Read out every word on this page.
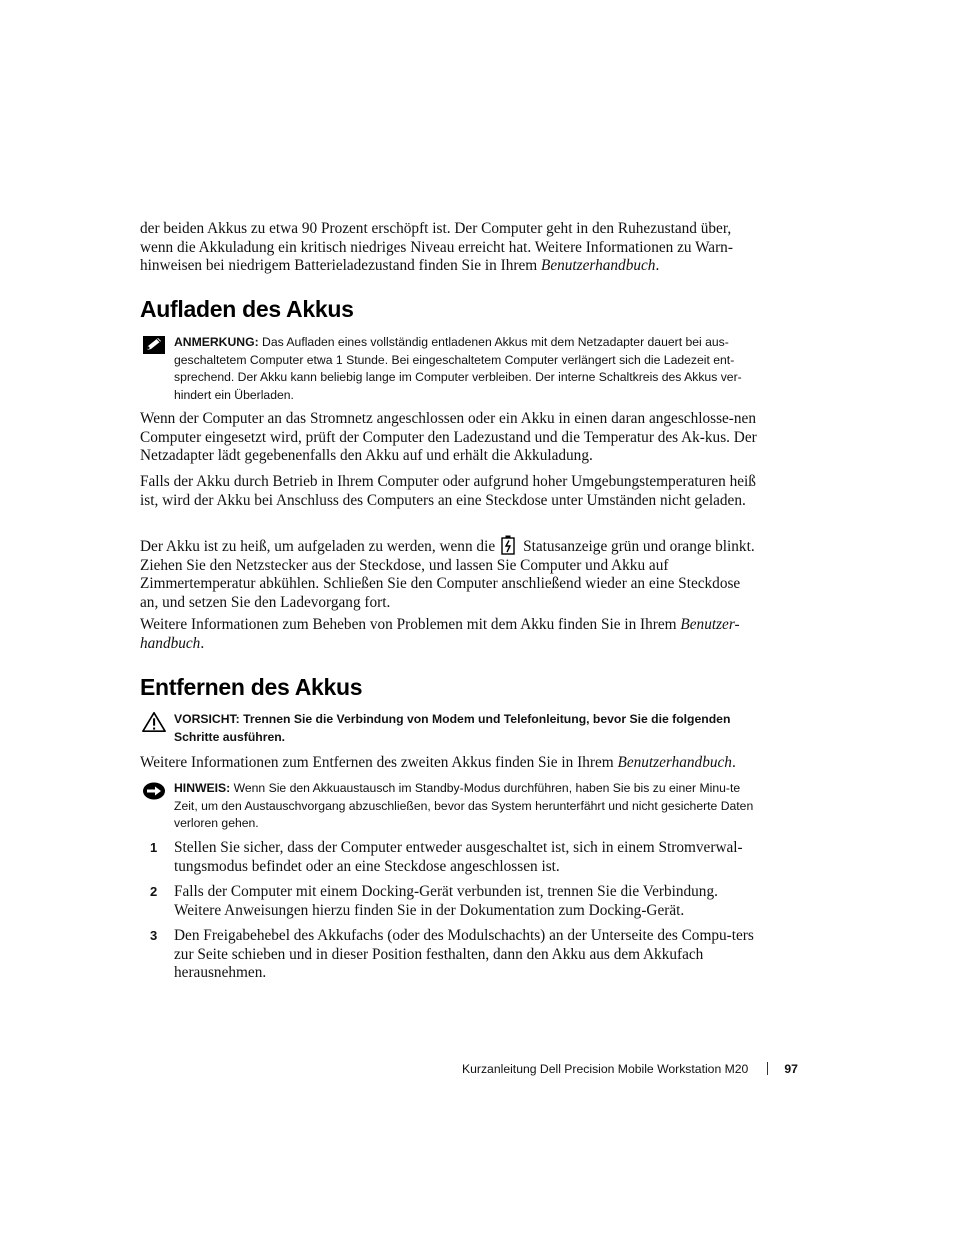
der beiden Akkus zu etwa 90 Prozent erschöpft ist. Der Computer geht in den Ruhezustand über, wenn die Akkuladung ein kritisch niedriges Niveau erreicht hat. Weitere Informationen zu Warn-hinweisen bei niedrigem Batterieladezustand finden Sie in Ihrem Benutzerhandbuch.

Aufladen des Akkus
ANMERKUNG: Das Aufladen eines vollständig entladenen Akkus mit dem Netzadapter dauert bei aus-geschaltetem Computer etwa 1 Stunde. Bei eingeschaltetem Computer verlängert sich die Ladezeit ent-sprechend. Der Akku kann beliebig lange im Computer verbleiben. Der interne Schaltkreis des Akkus ver-hindert ein Überladen.

Wenn der Computer an das Stromnetz angeschlossen oder ein Akku in einen daran angeschlosse-nen Computer eingesetzt wird, prüft der Computer den Ladezustand und die Temperatur des Ak-kus. Der Netzadapter lädt gegebenenfalls den Akku auf und erhält die Akkuladung.

Falls der Akku durch Betrieb in Ihrem Computer oder aufgrund hoher Umgebungstemperaturen heiß ist, wird der Akku bei Anschluss des Computers an eine Steckdose unter Umständen nicht geladen.

Der Akku ist zu heiß, um aufgeladen zu werden, wenn die Statusanzeige grün und orange blinkt. Ziehen Sie den Netzstecker aus der Steckdose, und lassen Sie Computer und Akku auf Zimmertemperatur abkühlen. Schließen Sie den Computer anschließend wieder an eine Steckdose an, und setzen Sie den Ladevorgang fort.

Weitere Informationen zum Beheben von Problemen mit dem Akku finden Sie in Ihrem Benutzer-handbuch.

Entfernen des Akkus
VORSICHT: Trennen Sie die Verbindung von Modem und Telefonleitung, bevor Sie die folgenden Schritte ausführen.

Weitere Informationen zum Entfernen des zweiten Akkus finden Sie in Ihrem Benutzerhandbuch.

HINWEIS: Wenn Sie den Akkuaustausch im Standby-Modus durchführen, haben Sie bis zu einer Minu-te Zeit, um den Austauschvorgang abzuschließen, bevor das System herunterfährt und nicht gesicherte Daten verloren gehen.
1 Stellen Sie sicher, dass der Computer entweder ausgeschaltet ist, sich in einem Stromverwal-tungsmodus befindet oder an eine Steckdose angeschlossen ist.
2 Falls der Computer mit einem Docking-Gerät verbunden ist, trennen Sie die Verbindung. Weitere Anweisungen hierzu finden Sie in der Dokumentation zum Docking-Gerät.
3 Den Freigabehebel des Akkufachs (oder des Modulschachts) an der Unterseite des Compu-ters zur Seite schieben und in dieser Position festhalten, dann den Akku aus dem Akkufach herausnehmen.
Kurzanleitung Dell Precision Mobile Workstation M20	97
